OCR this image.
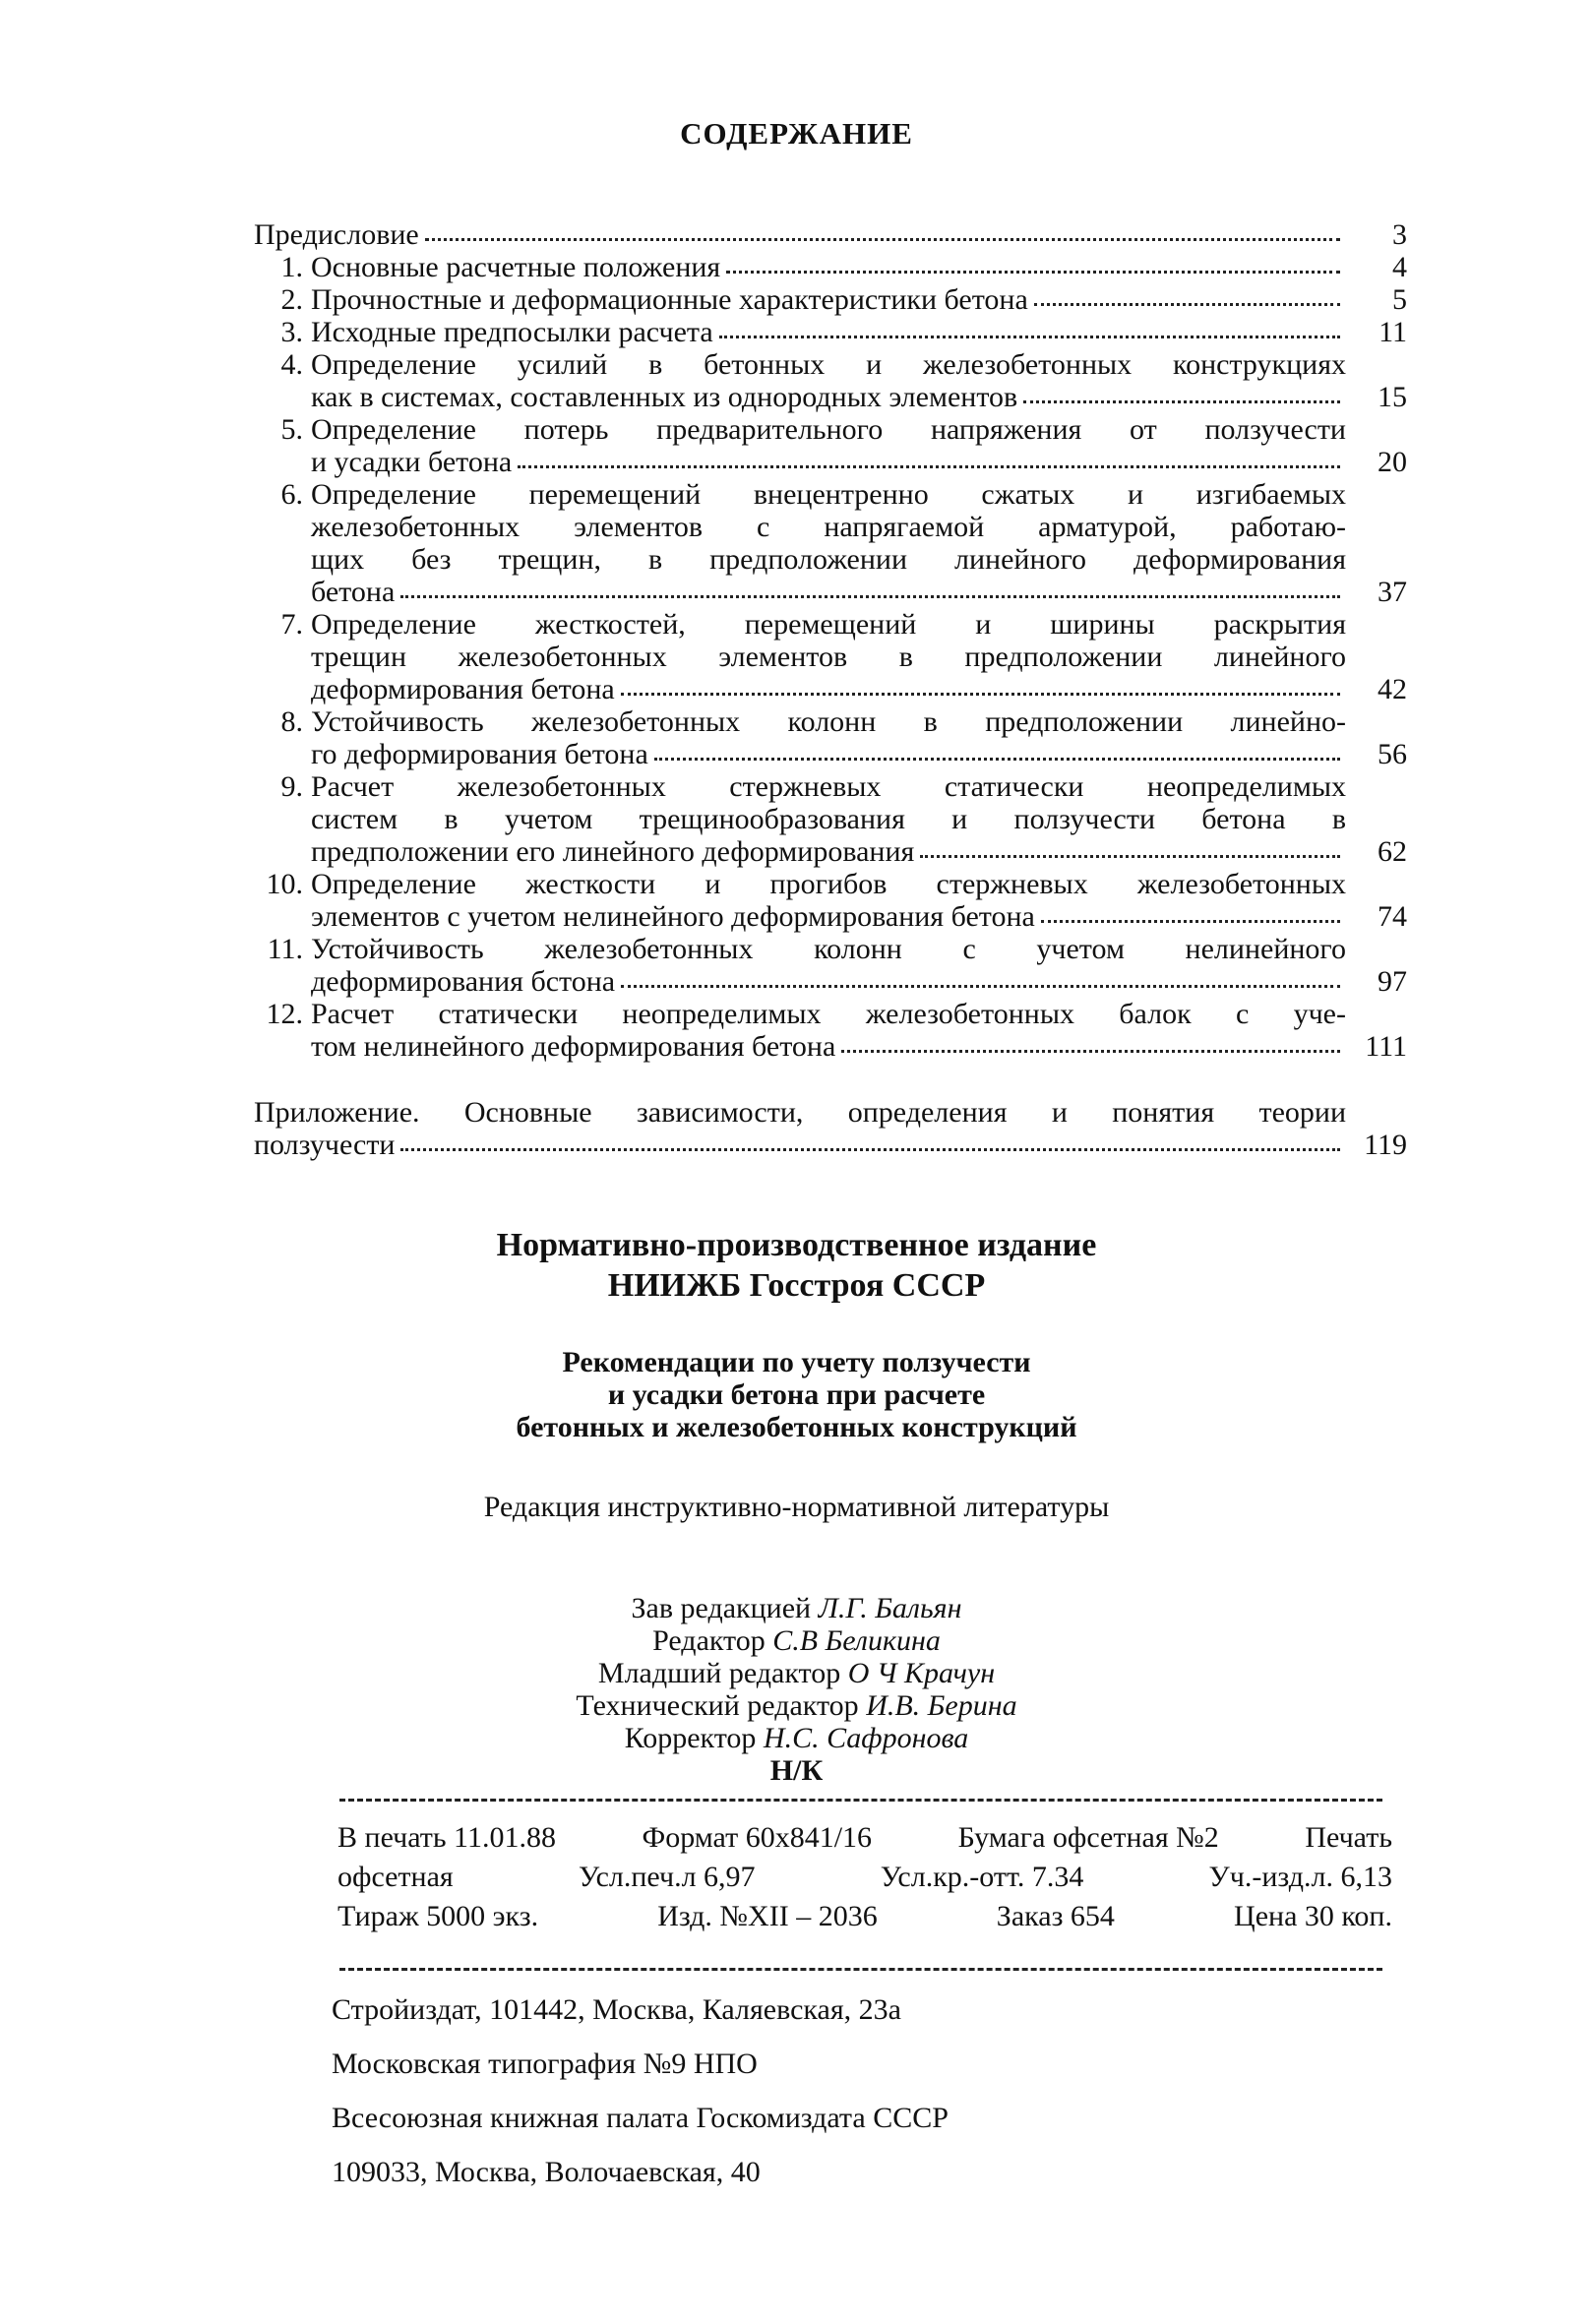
СОДЕРЖАНИЕ
Предисловие	3
1. Основные расчетные положения	4
2. Прочностные и деформационные характеристики бетона	5
3. Исходные предпосылки расчета	11
4. Определение усилий в бетонных и железобетонных конструкциях
как в системах, составленных из однородных элементов	15
5. Определение потерь предварительного напряжения от ползучести
и усадки бетона	20
6. Определение перемещений внецентренно сжатых и изгибаемых
железобетонных элементов с напрягаемой арматурой, работаю-
щих без трещин, в предположении линейного деформирования
бетона	37
7. Определение жесткостей, перемещений и ширины раскрытия
трещин железобетонных элементов в предположении линейного
деформирования бетона	42
8. Устойчивость железобетонных колонн в предположении линейно-
го деформирования бетона	56
9. Расчет железобетонных стержневых статически неопределимых
систем в учетом трещинообразования и ползучести бетона в
предположении его линейного деформирования	62
10. Определение жесткости и прогибов стержневых железобетонных
элементов с учетом нелинейного деформирования бетона	74
11. Устойчивость железобетонных колонн с учетом нелинейного
деформирования бстона	97
12. Расчет статически неопределимых железобетонных балок с уче-
том нелинейного деформирования бетона	111
Приложение. Основные зависимости, определения и понятия теории
ползучести	119
Нормативно-производственное издание
НИИЖБ Госстроя СССР
Рекомендации по учету ползучести
и усадки бетона при расчете
бетонных и железобетонных конструкций
Редакция инструктивно-нормативной литературы
Зав редакцией Л.Г. Бальян
Редактор С.В Беликина
Младший редактор О Ч Крачун
Технический редактор И.В. Берина
Корректор Н.С. Сафронова
Н/К
В печать 11.01.88	Формат 60х841/16	Бумага офсетная №2	Печать
офсетная	Усл.печ.л 6,97	Усл.кр.-отт. 7.34	Уч.-изд.л. 6,13
Тираж 5000 экз.	Изд. №XII – 2036	Заказ 654	Цена 30 коп.
Стройиздат, 101442, Москва, Каляевская, 23а
Московская типография №9 НПО
Всесоюзная книжная палата Госкомиздата СССР
109033, Москва, Волочаевская, 40
